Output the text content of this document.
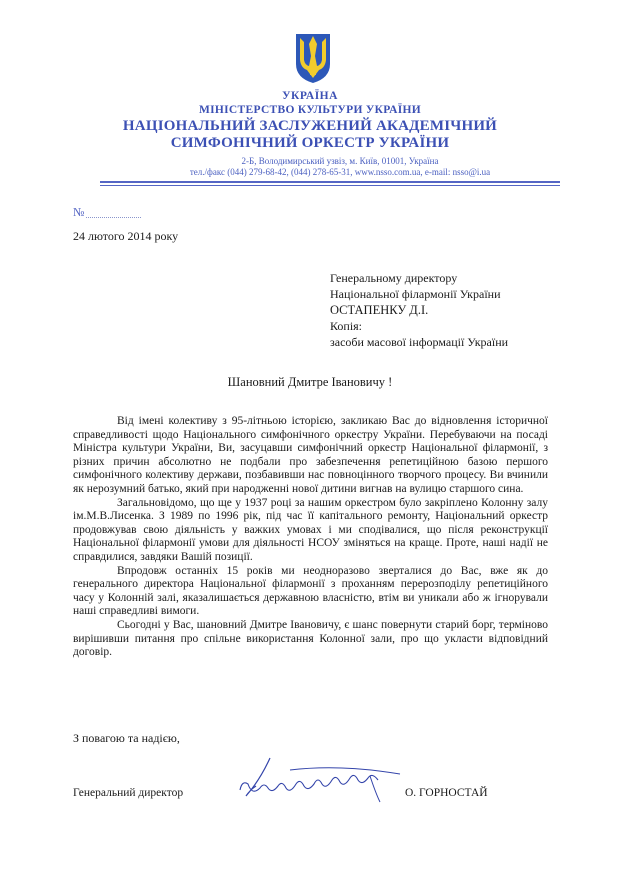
УКРАЇНА
МІНІСТЕРСТВО КУЛЬТУРИ УКРАЇНИ
НАЦІОНАЛЬНИЙ ЗАСЛУЖЕНИЙ АКАДЕМІЧНИЙ
СИМФОНІЧНИЙ ОРКЕСТР УКРАЇНИ
2-Б, Володимирський узвіз, м. Київ, 01001, Україна
тел./факс (044) 279-68-42, (044) 278-65-31, www.nsso.com.ua, e-mail: nsso@i.ua
№
24 лютого 2014 року
Генеральному директору
Національної філармонії України
ОСТАПЕНКУ Д.І.
Копія:
засоби масової інформації України
Шановний Дмитре Івановичу !

Від імені колективу з 95-літньою історією, закликаю Вас до відновлення історичної справедливості щодо Національного симфонічного оркестру України. Перебуваючи на посаді Міністра культури України, Ви, засуцавши симфонічний оркестр Національної філармонії, з різних причин абсолютно не подбали про забезпечення репетиційною базою першого симфонічного колективу держави, позбавивши нас повноцінного творчого процесу. Ви вчинили як нерозумний батько, який при народженні нової дитини вигнав на вулицю старшого сина.

Загальновідомо, що ще у 1937 році за нашим оркестром було закріплено Колонну залу ім.М.В.Лисенка. З 1989 по 1996 рік, під час її капітального ремонту, Національний оркестр продовжував свою діяльність у важких умовах і ми сподівалися, що після реконструкції Національної філармонії умови для діяльності НСОУ зміняться на краще. Проте, наші надії не справдилися, завдяки Вашій позиції.

Впродовж останніх 15 років ми неодноразово зверталися до Вас, вже як до генерального директора Національної філармонії з проханням перерозподілу репетиційного часу у Колонній залі, яказалишається державною власністю, втім ви уникали або ж ігнорували наші справедливі вимоги.

Сьогодні у Вас, шановний Дмитре Івановичу, є шанс повернути старий борг, терміново вирішивши питання про спільне використання Колонної зали, про що укласти відповідний договір.

З повагою та надією,
Генеральний директор	О. ГОРНОСТАЙ
